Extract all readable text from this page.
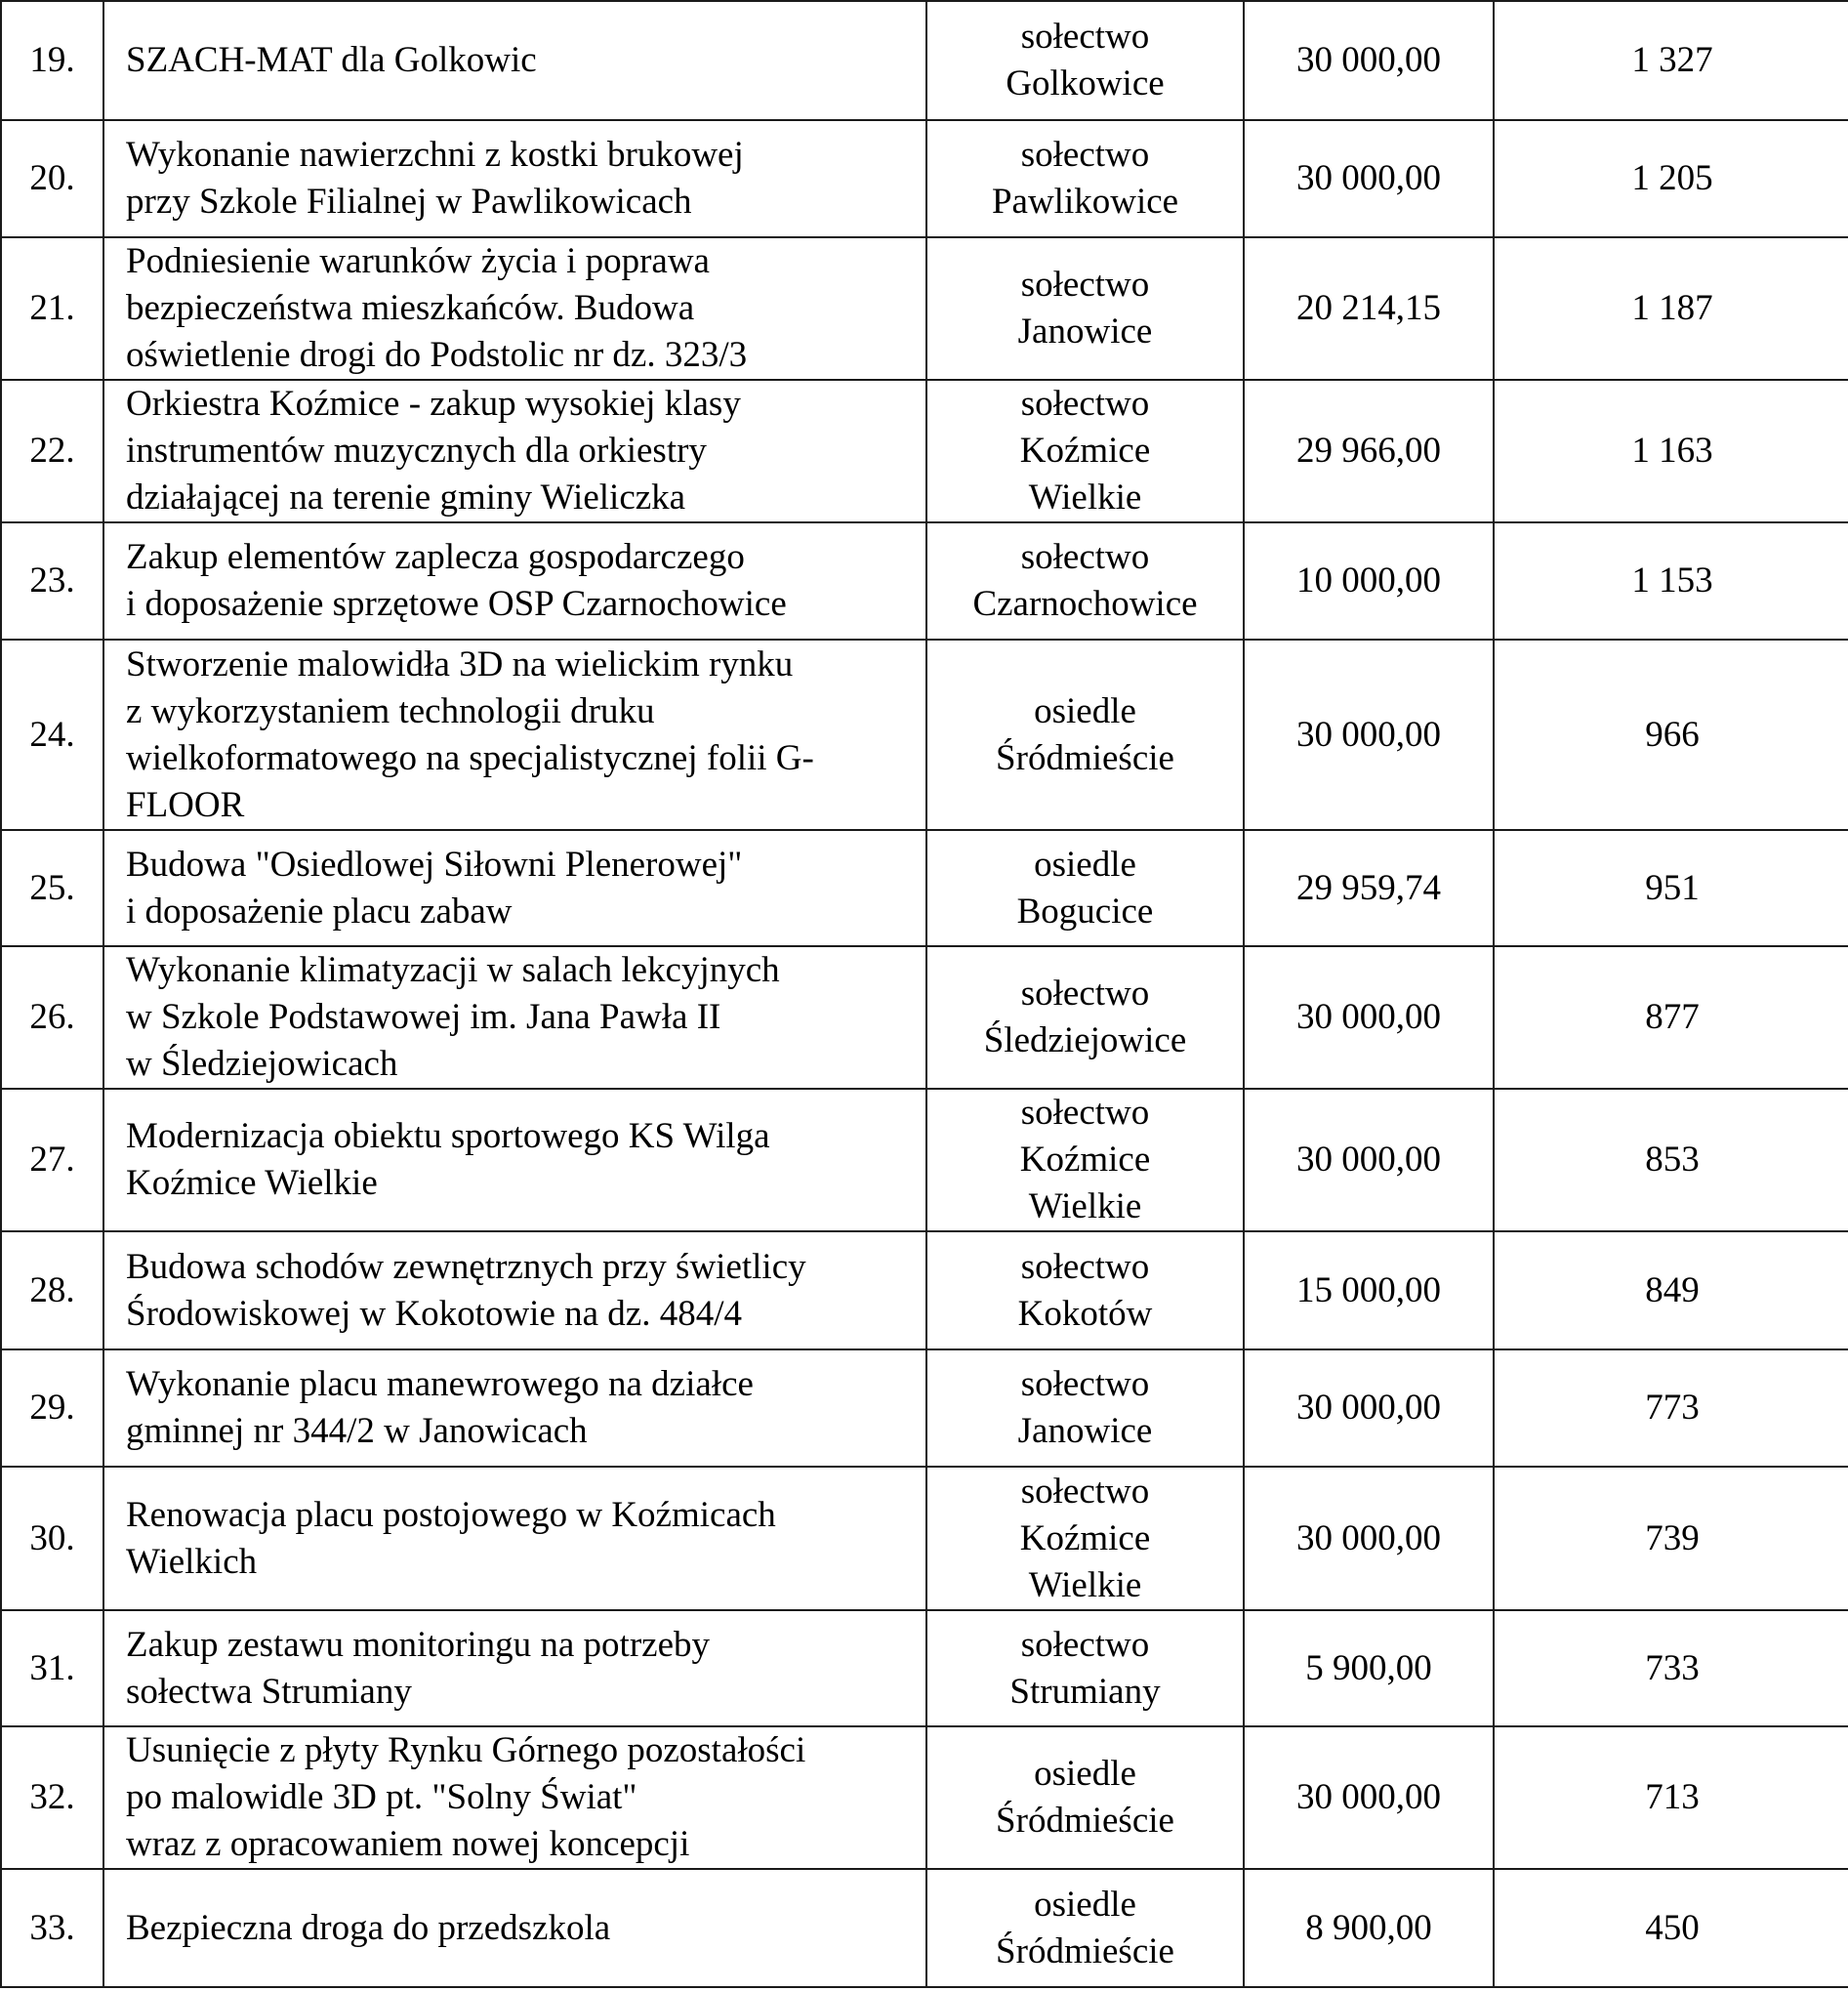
19.	SZACH-MAT dla Golkowic	sołectwo
Golkowice	30 000,00	1 327
20.	Wykonanie nawierzchni z kostki brukowej
przy Szkole Filialnej w Pawlikowicach	sołectwo
Pawlikowice	30 000,00	1 205
21.	Podniesienie warunków życia i poprawa
bezpieczeństwa mieszkańców. Budowa
oświetlenie drogi do Podstolic nr dz. 323/3	sołectwo
Janowice	20 214,15	1 187
22.	Orkiestra Koźmice - zakup wysokiej klasy
instrumentów muzycznych dla orkiestry
działającej na terenie gminy Wieliczka	sołectwo
Koźmice
Wielkie	29 966,00	1 163
23.	Zakup elementów zaplecza gospodarczego
i doposażenie sprzętowe OSP Czarnochowice	sołectwo
Czarnochowice	10 000,00	1 153
24.	Stworzenie malowidła 3D na wielickim rynku
z wykorzystaniem technologii druku
wielkoformatowego na specjalistycznej folii G-
FLOOR	osiedle
Śródmieście	30 000,00	966
25.	Budowa "Osiedlowej Siłowni Plenerowej"
i doposażenie placu zabaw	osiedle
Bogucice	29 959,74	951
26.	Wykonanie klimatyzacji w salach lekcyjnych
w Szkole Podstawowej im. Jana Pawła II
w Śledziejowicach	sołectwo
Śledziejowice	30 000,00	877
27.	Modernizacja obiektu sportowego KS Wilga
Koźmice Wielkie	sołectwo
Koźmice
Wielkie	30 000,00	853
28.	Budowa schodów zewnętrznych przy świetlicy
Środowiskowej w Kokotowie na dz. 484/4	sołectwo
Kokotów	15 000,00	849
29.	Wykonanie placu manewrowego na działce
gminnej nr 344/2 w Janowicach	sołectwo
Janowice	30 000,00	773
30.	Renowacja placu postojowego w Koźmicach
Wielkich	sołectwo
Koźmice
Wielkie	30 000,00	739
31.	Zakup zestawu monitoringu na potrzeby
sołectwa Strumiany	sołectwo
Strumiany	5 900,00	733
32.	Usunięcie z płyty Rynku Górnego pozostałości
po malowidle 3D pt. "Solny Świat"
wraz z opracowaniem nowej koncepcji	osiedle
Śródmieście	30 000,00	713
33.	Bezpieczna droga do przedszkola	osiedle
Śródmieście	8 900,00	450
